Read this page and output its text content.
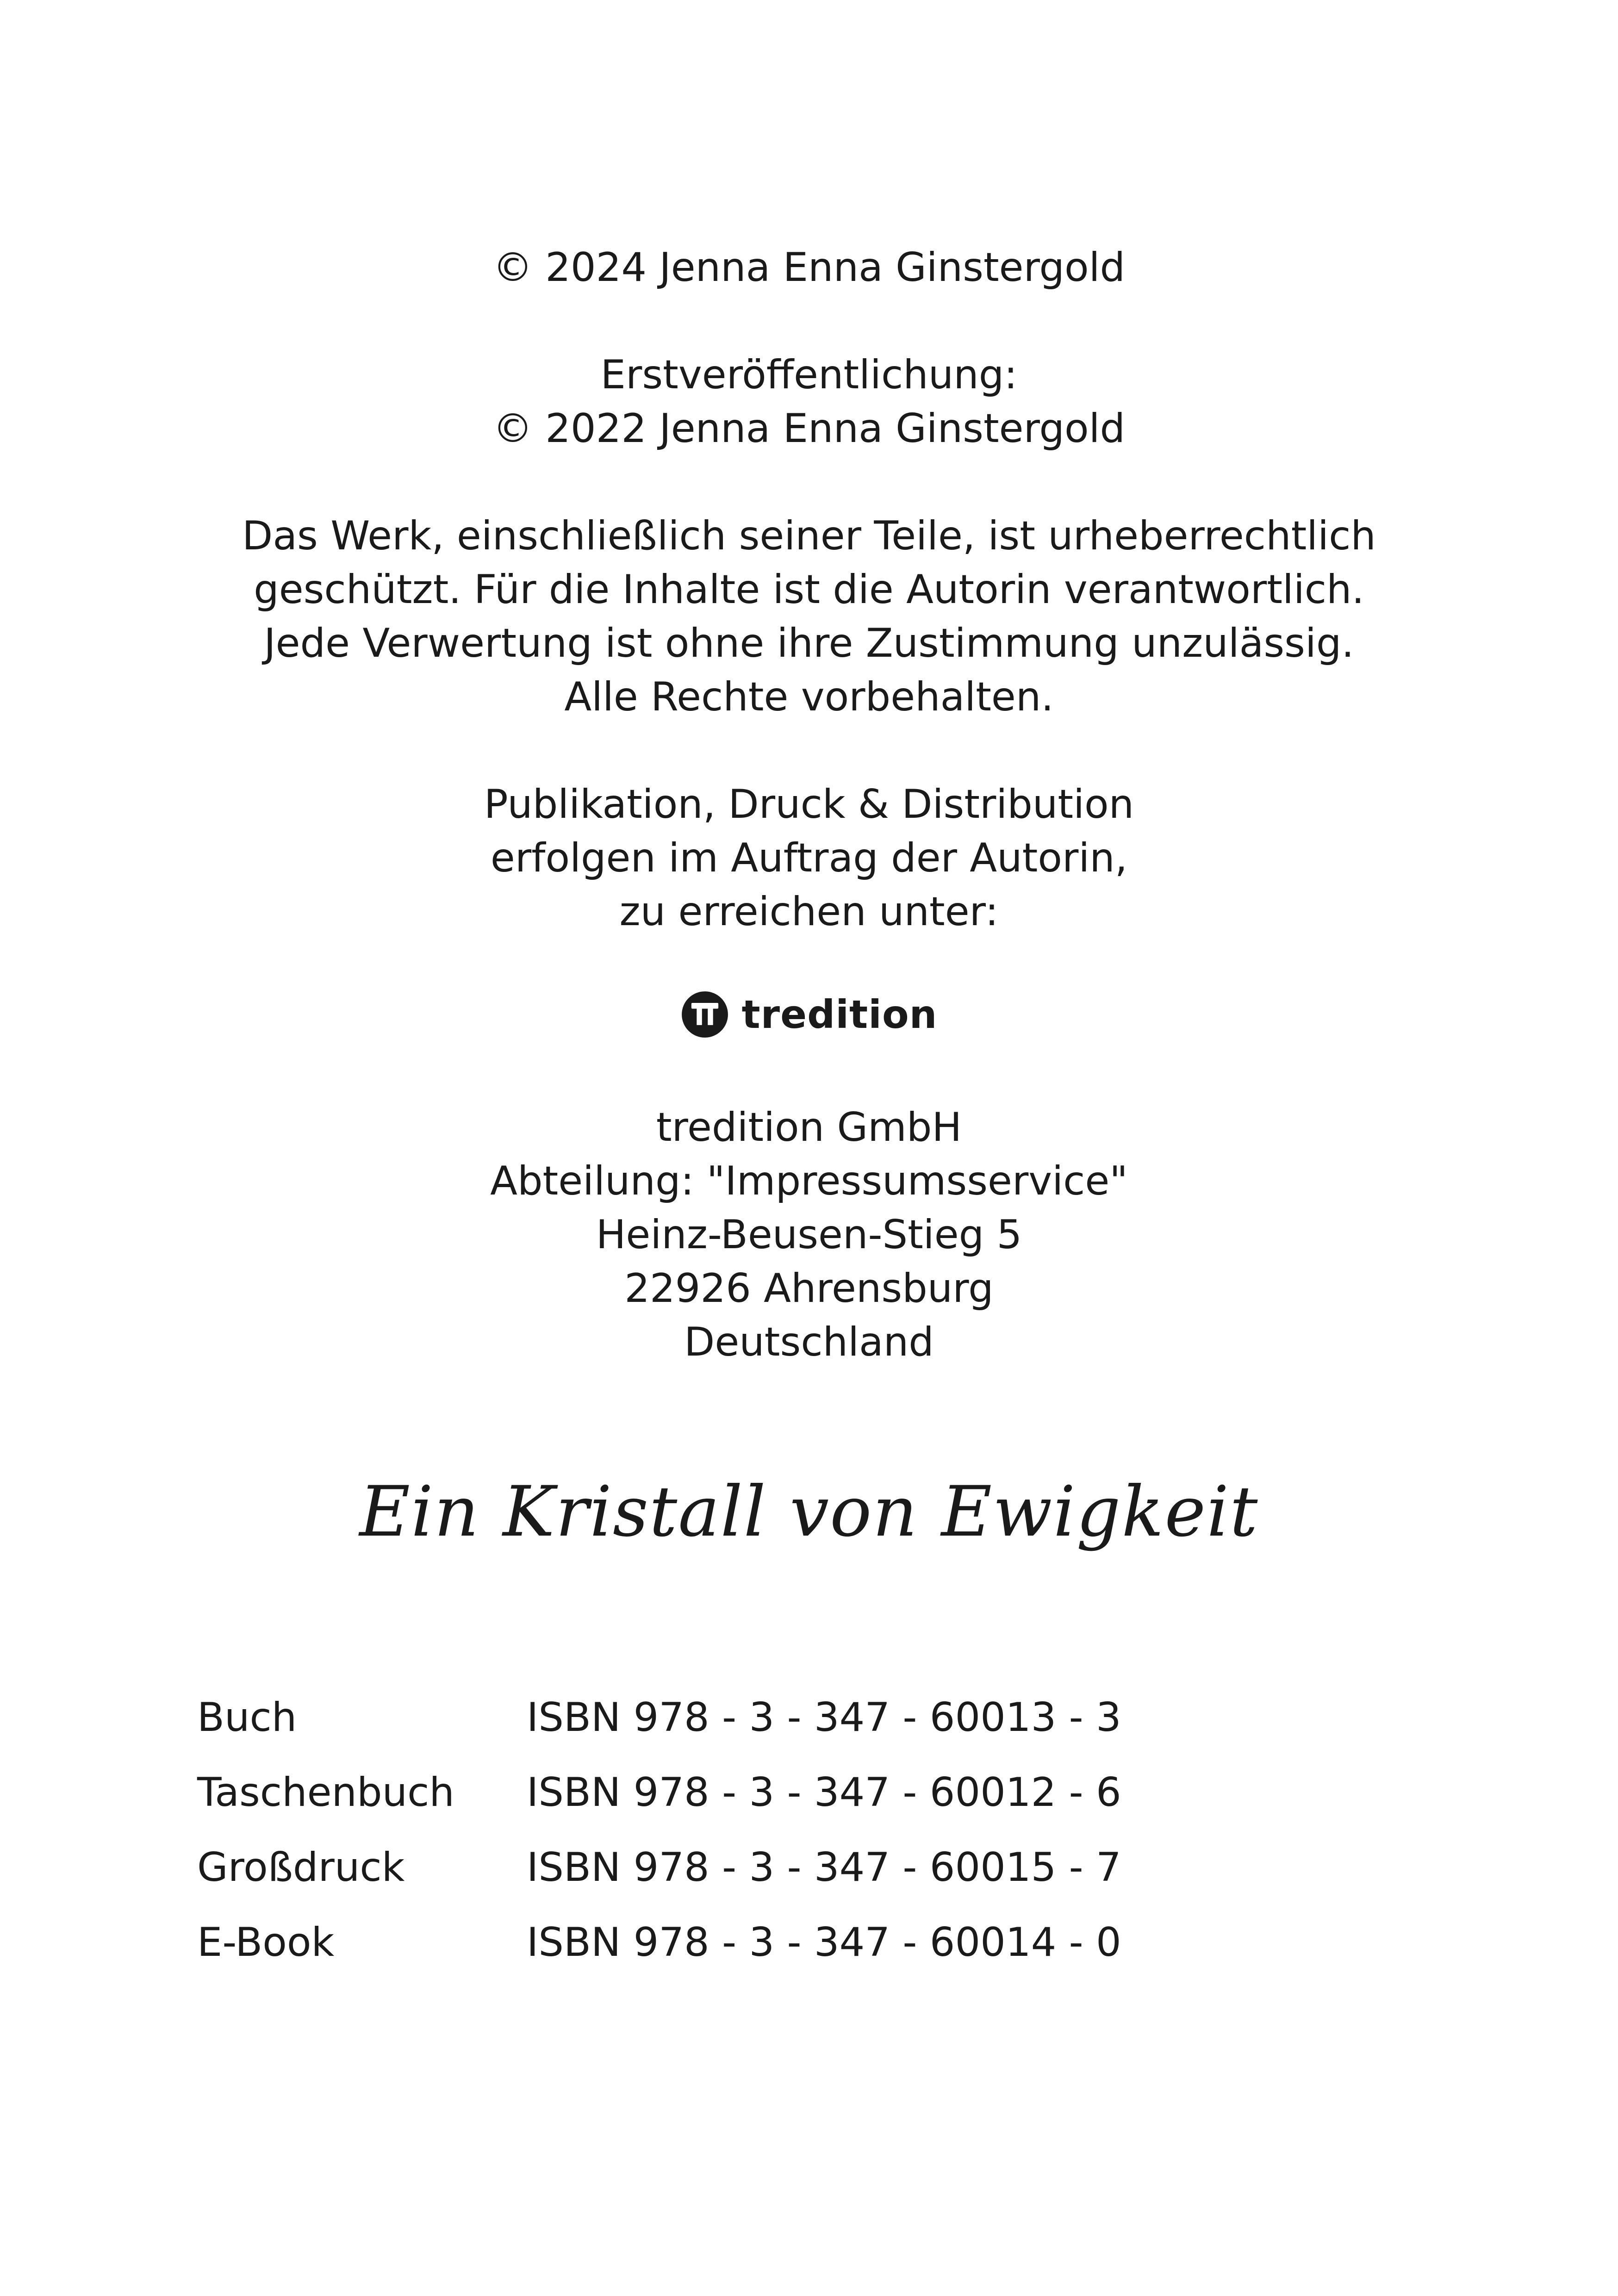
© 2024 Jenna Enna Ginstergold
Erstveröffentlichung:
© 2022 Jenna Enna Ginstergold
Das Werk, einschließlich seiner Teile, ist urheberrechtlich
geschützt. Für die Inhalte ist die Autorin verantwortlich.
Jede Verwertung ist ohne ihre Zustimmung unzulässig.
Alle Rechte vorbehalten.
Publikation, Druck & Distribution
erfolgen im Auftrag der Autorin,
zu erreichen unter:
tredition
tredition GmbH
Abteilung: "Impressumsservice"
Heinz-Beusen-Stieg 5
22926 Ahrensburg
Deutschland
Ein Kristall von Ewigkeit
Buch	ISBN 978 - 3 - 347 - 60013 - 3
Taschenbuch	ISBN 978 - 3 - 347 - 60012 - 6
Großdruck	ISBN 978 - 3 - 347 - 60015 - 7
E-Book	ISBN 978 - 3 - 347 - 60014 - 0
